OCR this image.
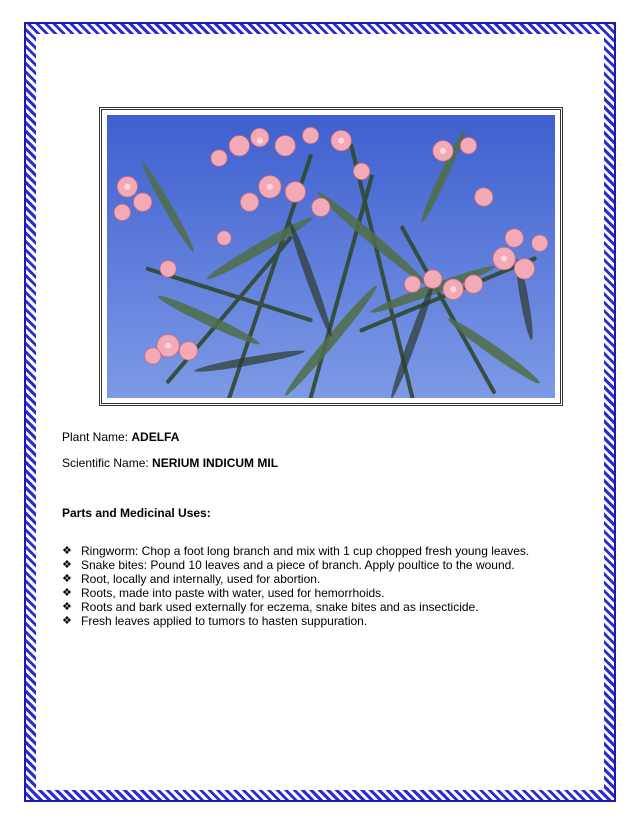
Plant Name: ADELFA

Scientific Name: NERIUM INDICUM MIL

Parts and Medicinal Uses:

❖ Ringworm: Chop a foot long branch and mix with 1 cup chopped fresh young leaves.
❖ Snake bites: Pound 10 leaves and a piece of branch. Apply poultice to the wound.
❖ Root, locally and internally, used for abortion.
❖ Roots, made into paste with water, used for hemorrhoids.
❖ Roots and bark used externally for eczema, snake bites and as insecticide.
❖ Fresh leaves applied to tumors to hasten suppuration.
